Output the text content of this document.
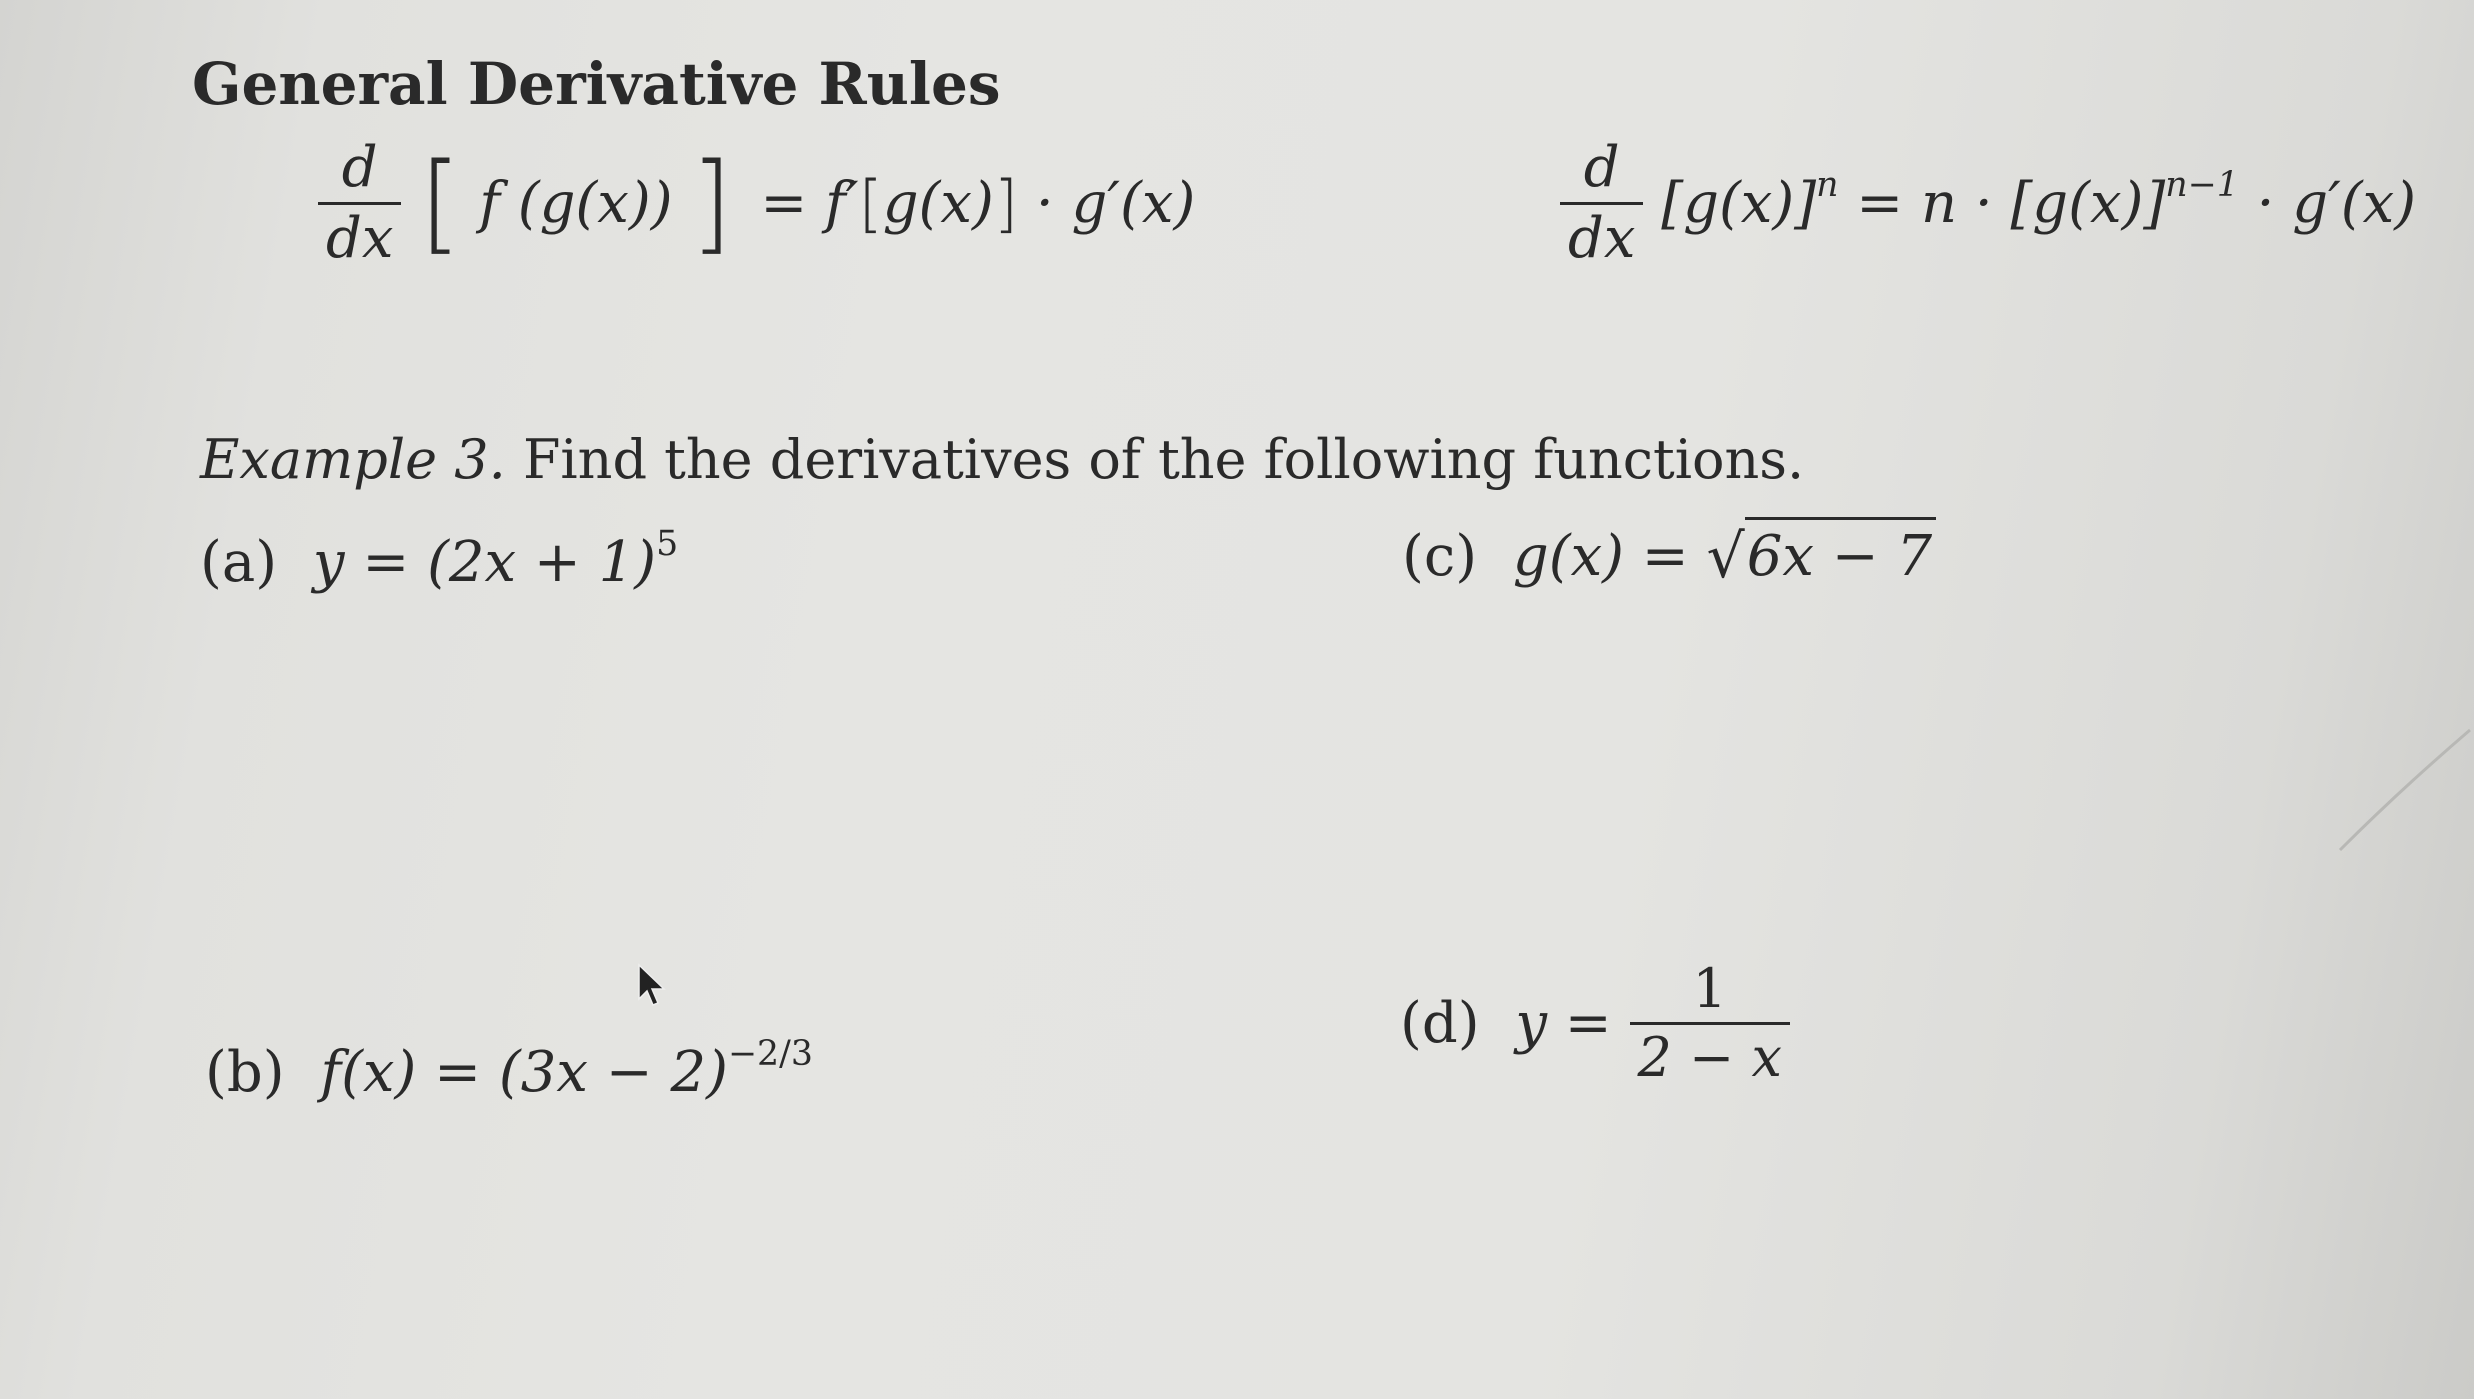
General Derivative Rules
$\frac{d}{dx}$ [ f (g(x)) ] = f′[g(x)] · g′(x)	$\frac{d}{dx} [g(x)]^n = n \cdot [g(x)]^{n-1} \cdot g'(x)$
Example 3. Find the derivatives of the following functions.
(a) $y = (2x + 1)^5$	(c) g(x) = √6x − 7
(b) $f(x) = (3x - 2)^{-2/3}$	(d) $y = \frac{1}{2 - x}$
